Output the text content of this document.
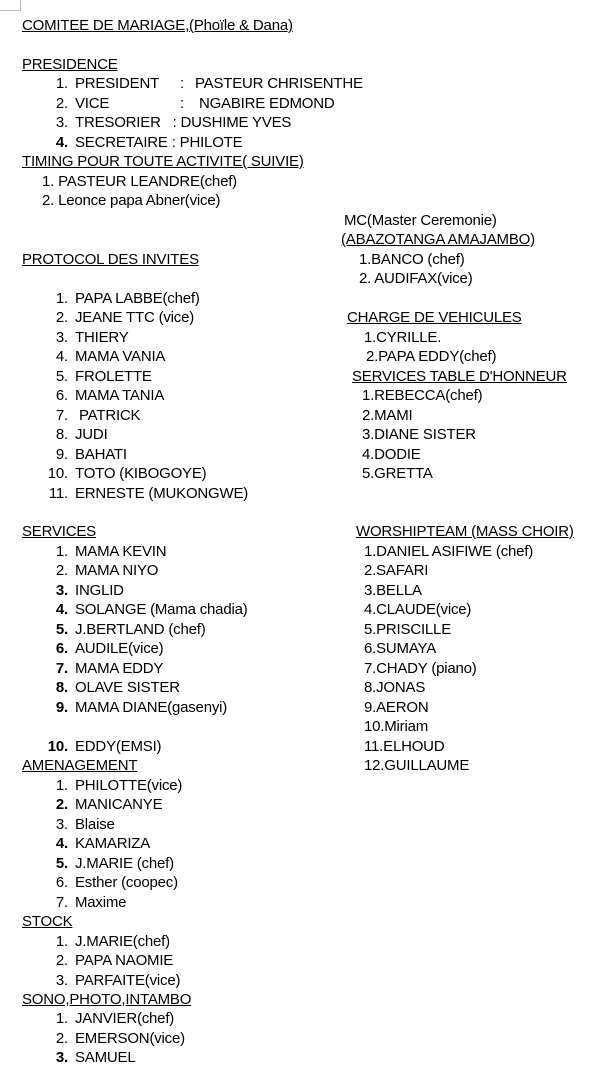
COMITEE DE MARIAGE,(Phoïle & Dana)
PRESIDENCE
1. PRESIDENT : PASTEUR CHRISENTHE
2. VICE	: NGABIRE EDMOND
3. TRESORIER   : DUSHIME YVES
4. SECRETAIRE : PHILOTE
TIMING POUR TOUTE ACTIVITE( SUIVIE)
1. PASTEUR LEANDRE(chef)
2. Leonce papa Abner(vice)
MC(Master Ceremonie)
(ABAZOTANGA AMAJAMBO)
1.BANCO (chef)
2. AUDIFAX(vice)
PROTOCOL DES INVITES
1. PAPA LABBE(chef)
2. JEANE TTC (vice)
3. THIERY
4. MAMA VANIA
5. FROLETTE
6. MAMA TANIA
7. PATRICK
8. JUDI
9. BAHATI
10. TOTO (KIBOGOYE)
11. ERNESTE (MUKONGWE)
CHARGE DE VEHICULES
1.CYRILLE.
2.PAPA EDDY(chef)
SERVICES TABLE D'HONNEUR
1.REBECCA(chef)
2.MAMI
3.DIANE SISTER
4.DODIE
5.GRETTA
SERVICES
1. MAMA KEVIN
2. MAMA NIYO
3. INGLID
4. SOLANGE (Mama chadia)
5. J.BERTLAND (chef)
6. AUDILE(vice)
7. MAMA EDDY
8. OLAVE SISTER
9. MAMA DIANE(gasenyi)
10. EDDY(EMSI)
WORSHIPTEAM (MASS CHOIR)
1.DANIEL ASIFIWE (chef)
2.SAFARI
3.BELLA
4.CLAUDE(vice)
5.PRISCILLE
6.SUMAYA
7.CHADY (piano)
8.JONAS
9.AERON
10.Miriam
11.ELHOUD
12.GUILLAUME
AMENAGEMENT
1. PHILOTTE(vice)
2. MANICANYE
3. Blaise
4. KAMARIZA
5. J.MARIE (chef)
6. Esther (coopec)
7. Maxime
STOCK
1. J.MARIE(chef)
2. PAPA NAOMIE
3. PARFAITE(vice)
SONO,PHOTO,INTAMBO
1. JANVIER(chef)
2. EMERSON(vice)
3. SAMUEL
